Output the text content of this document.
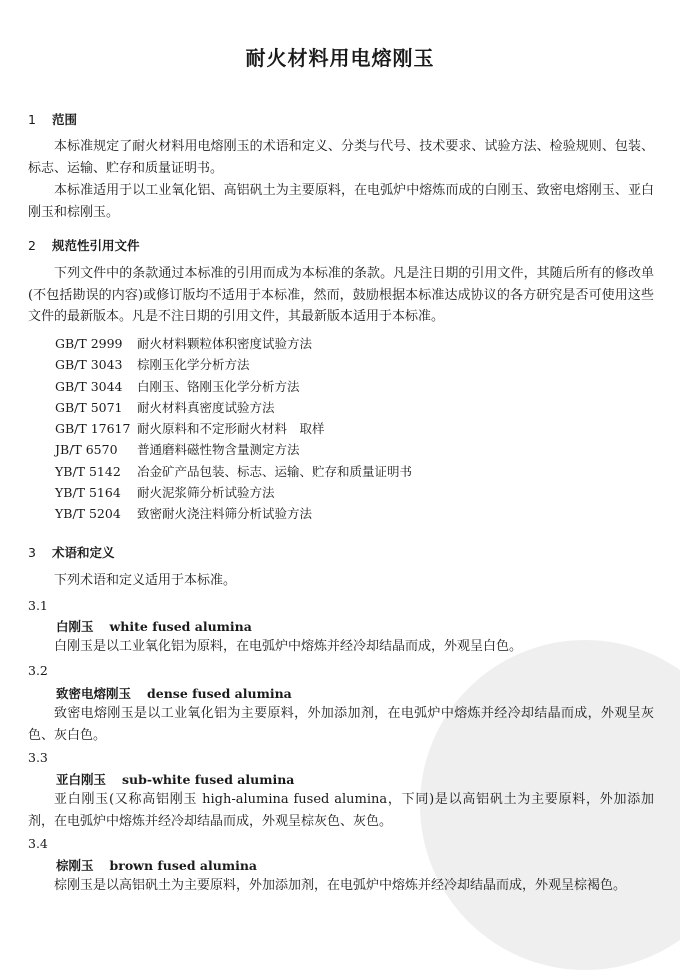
耐火材料用电熔刚玉
1 范围
本标准规定了耐火材料用电熔刚玉的术语和定义、分类与代号、技术要求、试验方法、检验规则、包装、标志、运输、贮存和质量证明书。
本标准适用于以工业氧化铝、高铝矾土为主要原料，在电弧炉中熔炼而成的白刚玉、致密电熔刚玉、亚白刚玉和棕刚玉。
2 规范性引用文件
下列文件中的条款通过本标准的引用而成为本标准的条款。凡是注日期的引用文件，其随后所有的修改单(不包括勘误的内容)或修订版均不适用于本标准，然而，鼓励根据本标准达成协议的各方研究是否可使用这些文件的最新版本。凡是不注日期的引用文件，其最新版本适用于本标准。
GB/T 2999 耐火材料颗粒体积密度试验方法
GB/T 3043 棕刚玉化学分析方法
GB/T 3044 白刚玉、铬刚玉化学分析方法
GB/T 5071 耐火材料真密度试验方法
GB/T 17617 耐火原料和不定形耐火材料　取样
JB/T 6570 普通磨料磁性物含量测定方法
YB/T 5142 冶金矿产品包装、标志、运输、贮存和质量证明书
YB/T 5164 耐火泥浆筛分析试验方法
YB/T 5204 致密耐火浇注料筛分析试验方法
3 术语和定义
下列术语和定义适用于本标准。
3.1
白刚玉 white fused alumina
白刚玉是以工业氧化铝为原料，在电弧炉中熔炼并经冷却结晶而成，外观呈白色。
3.2
致密电熔刚玉 dense fused alumina
致密电熔刚玉是以工业氧化铝为主要原料，外加添加剂，在电弧炉中熔炼并经冷却结晶而成，外观呈灰色、灰白色。
3.3
亚白刚玉 sub-white fused alumina
亚白刚玉(又称高铝刚玉 high-alumina fused alumina，下同)是以高铝矾土为主要原料，外加添加剂，在电弧炉中熔炼并经冷却结晶而成，外观呈棕灰色、灰色。
3.4
棕刚玉 brown fused alumina
棕刚玉是以高铝矾土为主要原料，外加添加剂，在电弧炉中熔炼并经冷却结晶而成，外观呈棕褐色。
